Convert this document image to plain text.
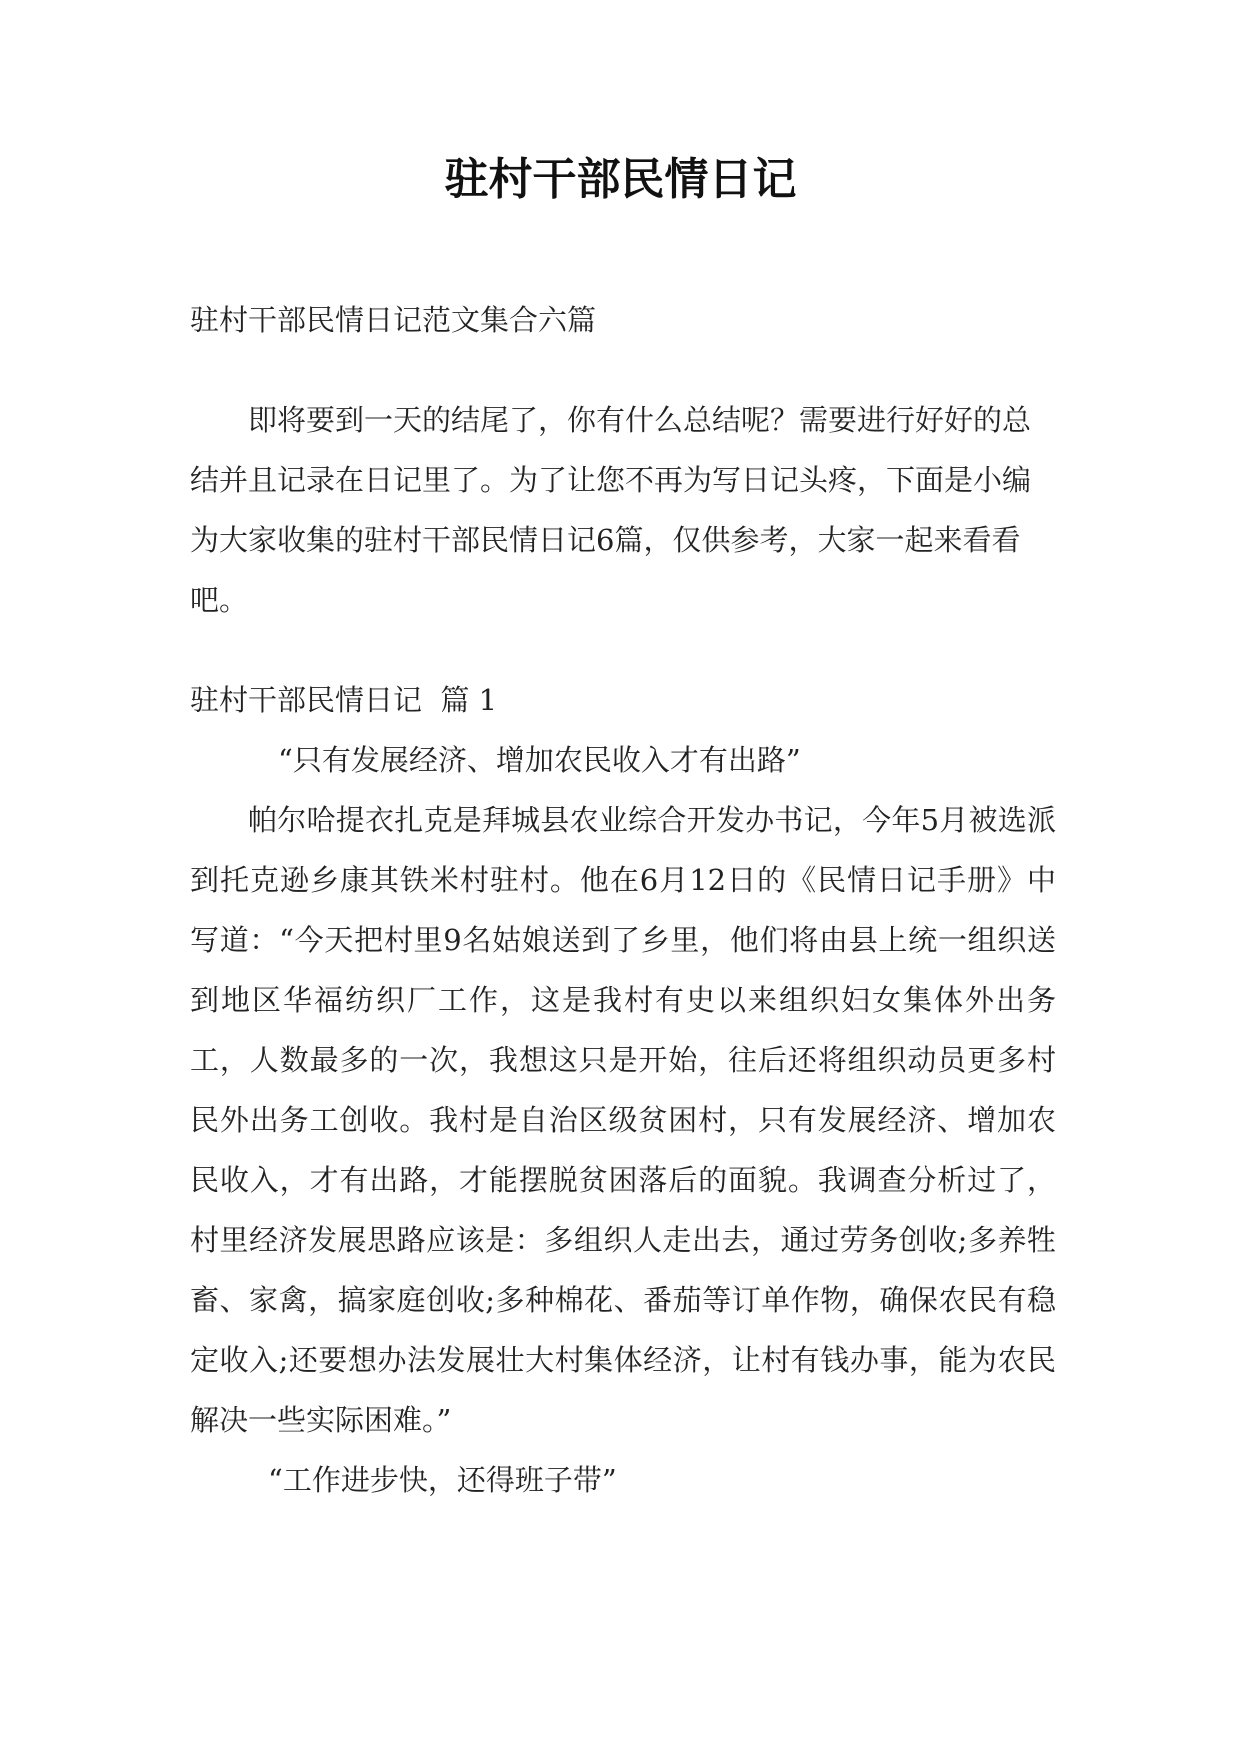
驻村干部民情日记

驻村干部民情日记范文集合六篇

即将要到一天的结尾了，你有什么总结呢？需要进行好好的总结并且记录在日记里了。为了让您不再为写日记头疼，下面是小编为大家收集的驻村干部民情日记6篇，仅供参考，大家一起来看看吧。

驻村干部民情日记  篇 1

“只有发展经济、增加农民收入才有出路”

帕尔哈提衣扎克是拜城县农业综合开发办书记，今年5月被选派到托克逊乡康其铁米村驻村。他在6月12日的《民情日记手册》中写道：“今天把村里9名姑娘送到了乡里，他们将由县上统一组织送到地区华福纺织厂工作，这是我村有史以来组织妇女集体外出务工，人数最多的一次，我想这只是开始，往后还将组织动员更多村民外出务工创收。我村是自治区级贫困村，只有发展经济、增加农民收入，才有出路，才能摆脱贫困落后的面貌。我调查分析过了，村里经济发展思路应该是：多组织人走出去，通过劳务创收;多养牲畜、家禽，搞家庭创收;多种棉花、番茄等订单作物，确保农民有稳定收入;还要想办法发展壮大村集体经济，让村有钱办事，能为农民解决一些实际困难。”

“工作进步快，还得班子带”
